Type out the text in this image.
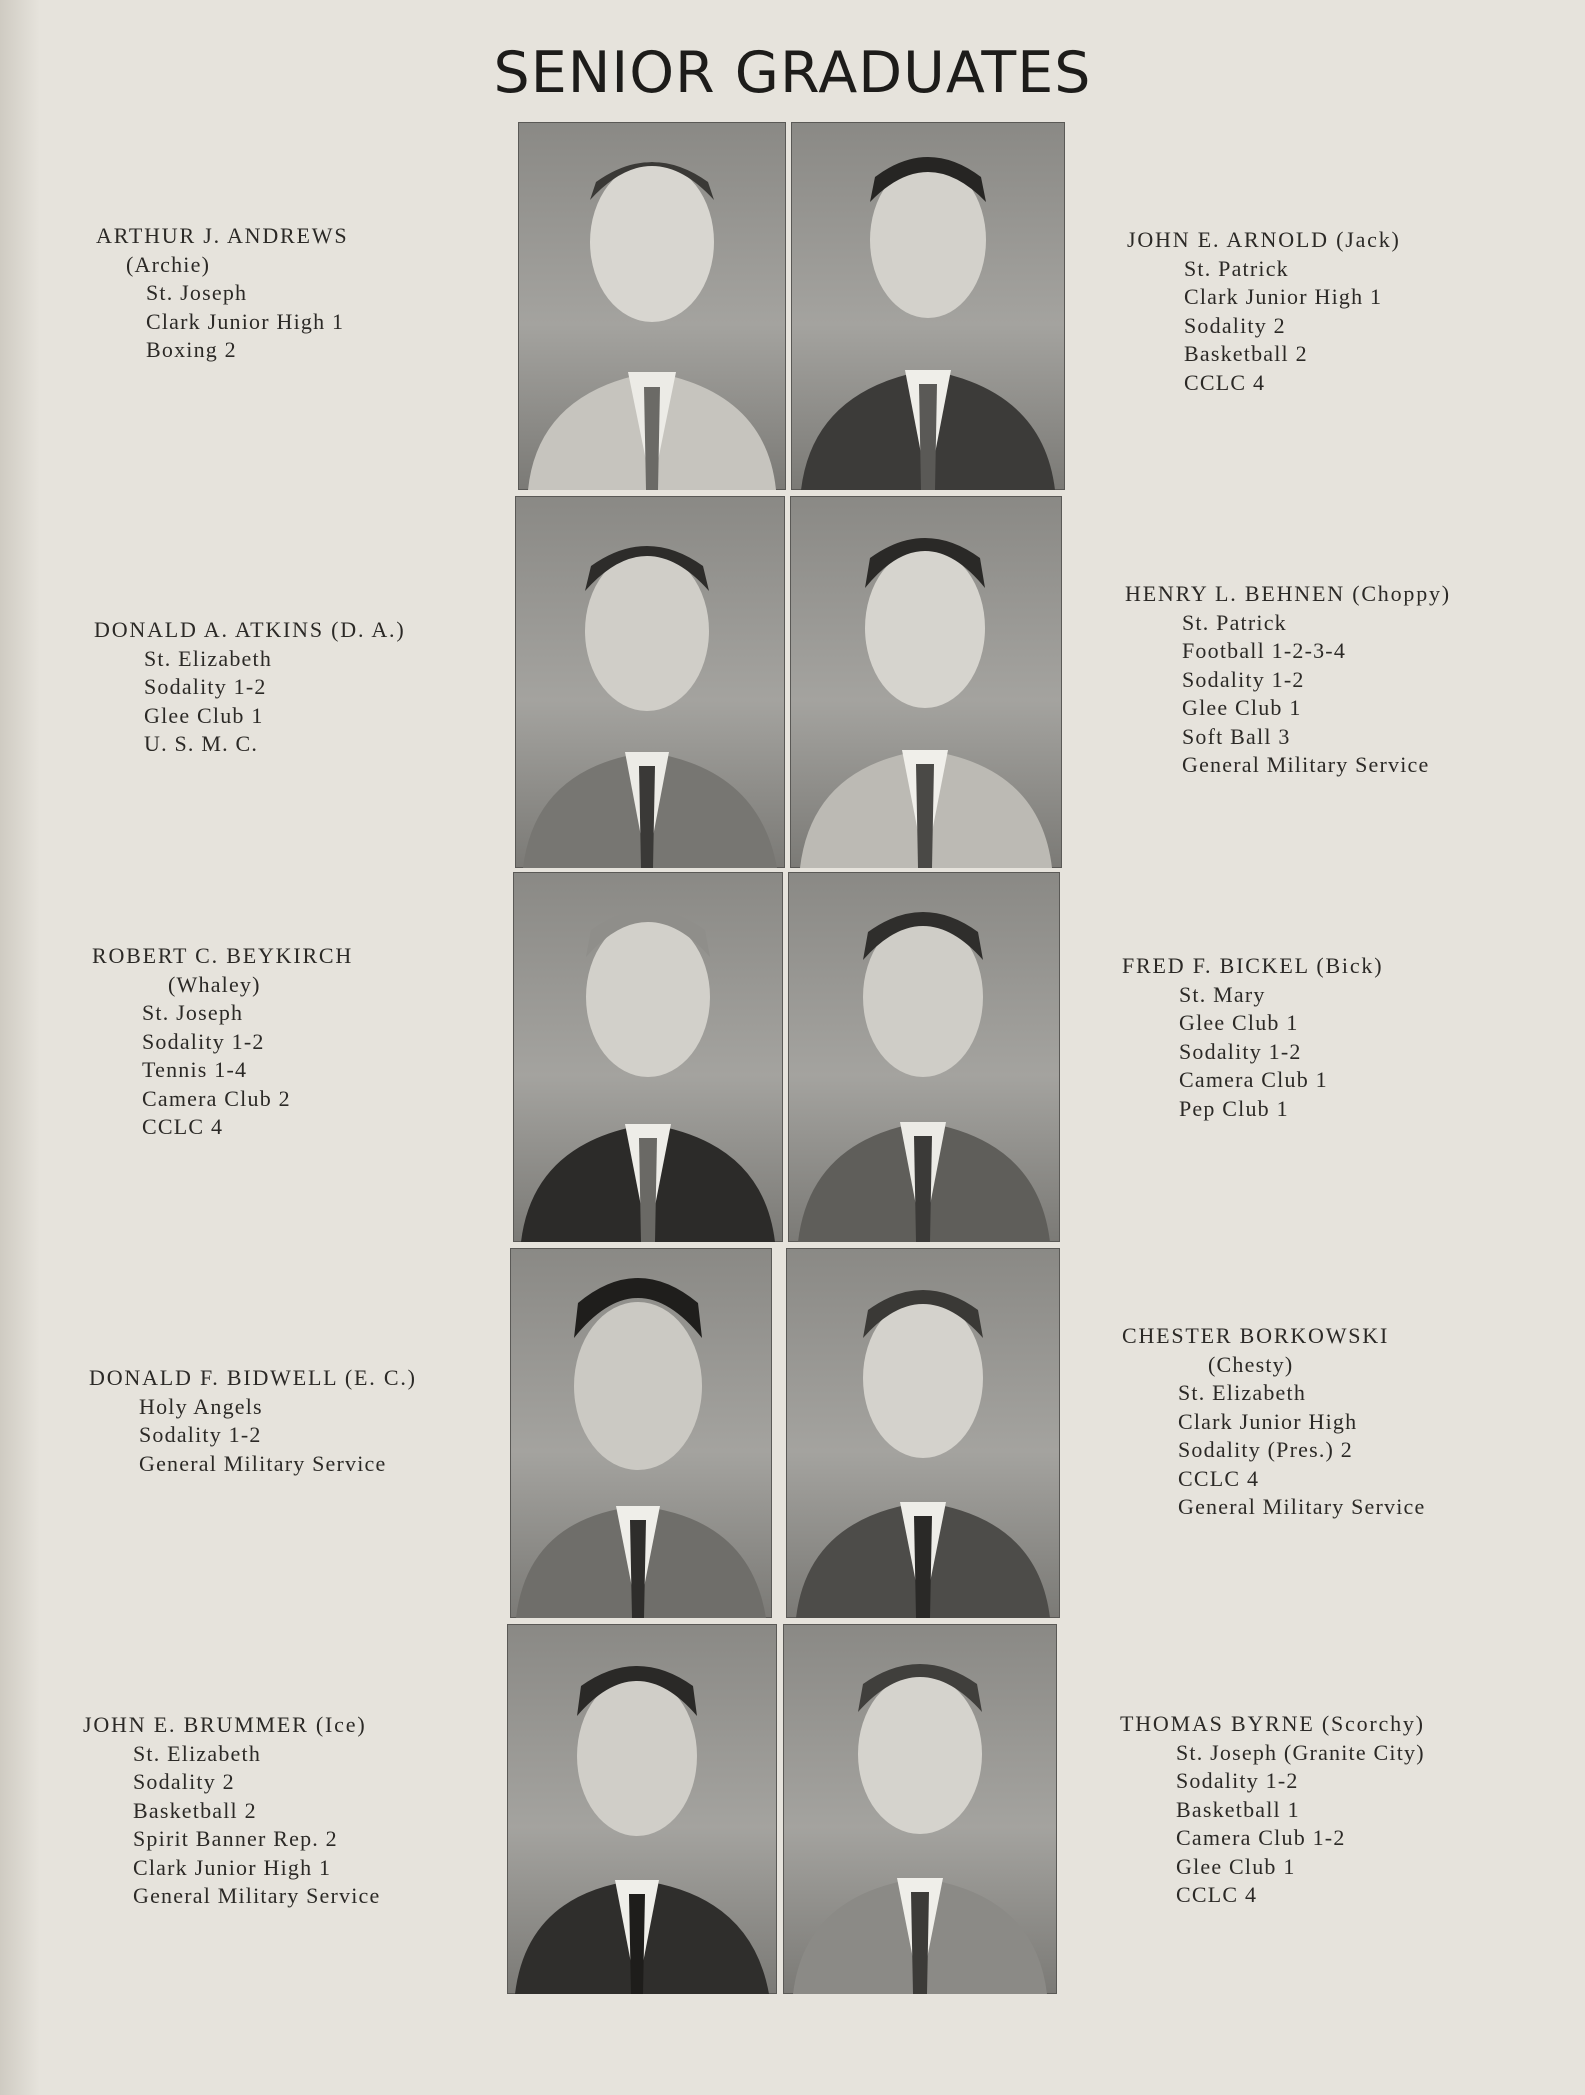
SENIOR GRADUATES
ARTHUR J. ANDREWS
(Archie)
St. Joseph
Clark Junior High 1
Boxing 2
DONALD A. ATKINS (D. A.)
St. Elizabeth
Sodality 1-2
Glee Club 1
U. S. M. C.
ROBERT C. BEYKIRCH
(Whaley)
St. Joseph
Sodality 1-2
Tennis 1-4
Camera Club 2
CCLC 4
DONALD F. BIDWELL (E. C.)
Holy Angels
Sodality 1-2
General Military Service
JOHN E. BRUMMER (Ice)
St. Elizabeth
Sodality 2
Basketball 2
Spirit Banner Rep. 2
Clark Junior High 1
General Military Service
JOHN E. ARNOLD (Jack)
St. Patrick
Clark Junior High 1
Sodality 2
Basketball 2
CCLC 4
HENRY L. BEHNEN (Choppy)
St. Patrick
Football 1-2-3-4
Sodality 1-2
Glee Club 1
Soft Ball 3
General Military Service
FRED F. BICKEL (Bick)
St. Mary
Glee Club 1
Sodality 1-2
Camera Club 1
Pep Club 1
CHESTER BORKOWSKI
(Chesty)
St. Elizabeth
Clark Junior High
Sodality (Pres.) 2
CCLC 4
General Military Service
THOMAS BYRNE (Scorchy)
St. Joseph (Granite City)
Sodality 1-2
Basketball 1
Camera Club 1-2
Glee Club 1
CCLC 4
